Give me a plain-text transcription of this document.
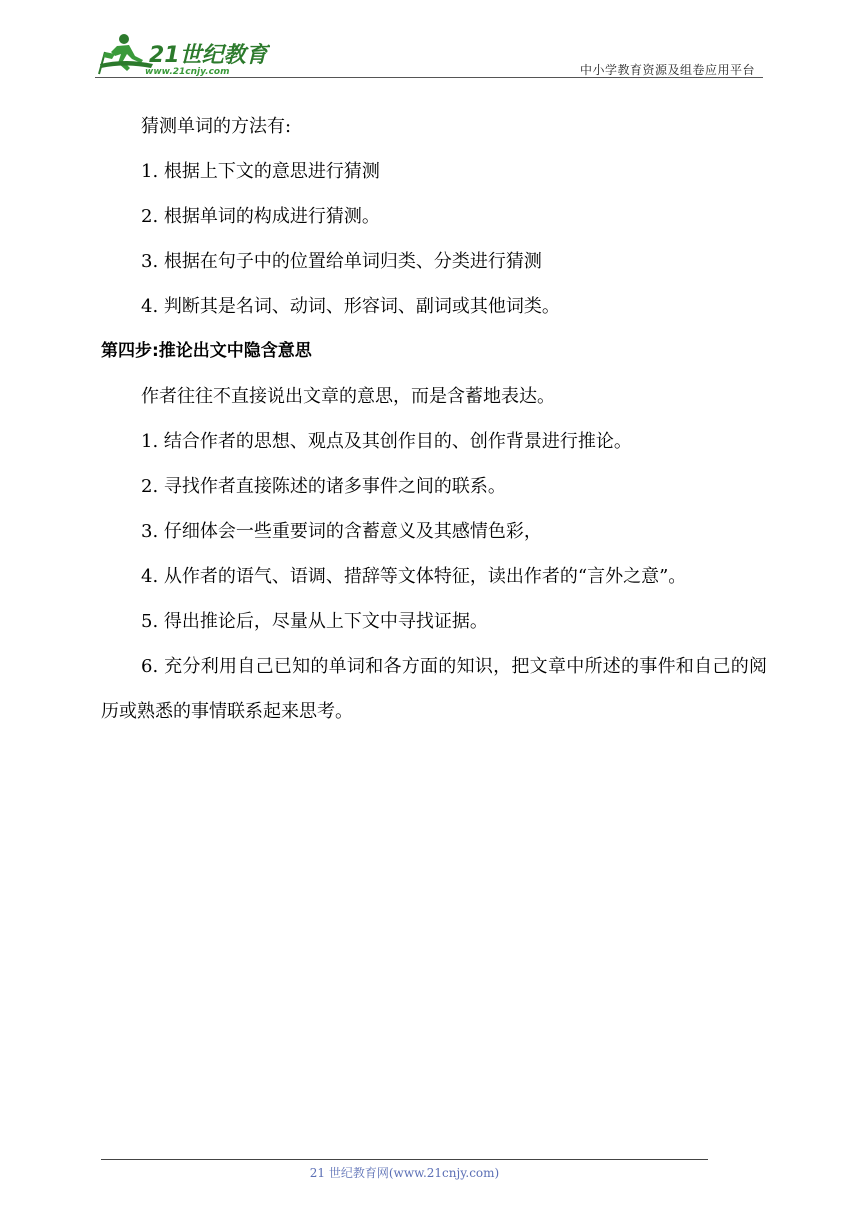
21世纪教育
www.21cnjy.com	中小学教育资源及组卷应用平台
猜测单词的方法有:
1. 根据上下文的意思进行猜测
2. 根据单词的构成进行猜测。
3. 根据在句子中的位置给单词归类、分类进行猜测
4. 判断其是名词、动词、形容词、副词或其他词类。
第四步:推论出文中隐含意思
作者往往不直接说出文章的意思，而是含蓄地表达。
1. 结合作者的思想、观点及其创作目的、创作背景进行推论。
2. 寻找作者直接陈述的诸多事件之间的联系。
3. 仔细体会一些重要词的含蓄意义及其感情色彩，
4. 从作者的语气、语调、措辞等文体特征，读出作者的“言外之意”。
5. 得出推论后，尽量从上下文中寻找证据。
6. 充分利用自己已知的单词和各方面的知识，把文章中所述的事件和自己的阅历或熟悉的事情联系起来思考。
21 世纪教育网(www.21cnjy.com)
